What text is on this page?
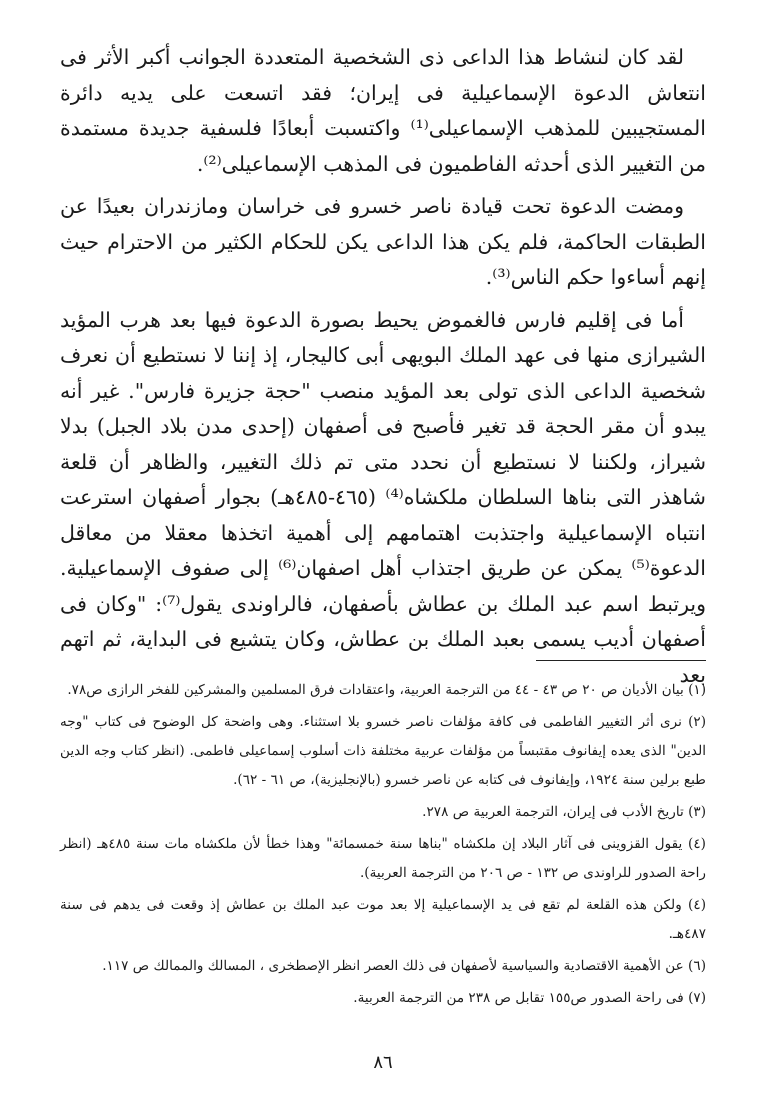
لقد كان لنشاط هذا الداعى ذى الشخصية المتعددة الجوانب أكبر الأثر فى انتعاش الدعوة الإسماعيلية فى إيران؛ فقد اتسعت على يديه دائرة المستجيبين للمذهب الإسماعيلى⁽¹⁾ واكتسبت أبعادًا فلسفية جديدة مستمدة من التغيير الذى أحدثه الفاطميون فى المذهب الإسماعيلى⁽²⁾.

ومضت الدعوة تحت قيادة ناصر خسرو فى خراسان ومازندران بعيدًا عن الطبقات الحاكمة، فلم يكن هذا الداعى يكن للحكام الكثير من الاحترام حيث إنهم أساءوا حكم الناس⁽³⁾.

أما فى إقليم فارس فالغموض يحيط بصورة الدعوة فيها بعد هرب المؤيد الشيرازى منها فى عهد الملك البويهى أبى كاليجار، إذ إننا لا نستطيع أن نعرف شخصية الداعى الذى تولى بعد المؤيد منصب "حجة جزيرة فارس". غير أنه يبدو أن مقر الحجة قد تغير فأصبح فى أصفهان (إحدى مدن بلاد الجبل) بدلا شيراز، ولكننا لا نستطيع أن نحدد متى تم ذلك التغيير، والظاهر أن قلعة شاهذر التى بناها السلطان ملكشاه⁽⁴⁾ (٤٦٥-٤٨٥هـ) بجوار أصفهان استرعت انتباه الإسماعيلية واجتذبت اهتمامهم إلى أهمية اتخذها معقلا من معاقل الدعوة⁽⁵⁾ يمكن عن طريق اجتذاب أهل اصفهان⁽⁶⁾ إلى صفوف الإسماعيلية. ويرتبط اسم عبد الملك بن عطاش بأصفهان، فالراوندى يقول⁽⁷⁾: "وكان فى أصفهان أديب يسمى بعبد الملك بن عطاش، وكان يتشيع فى البداية، ثم اتهم بعد

(١) بيان الأديان ص ٢٠ ص ٤٣ - ٤٤ من الترجمة العربية، واعتقادات فرق المسلمين والمشركين للفخر الرازى ص٧٨.

(٢) نرى أثر التغيير الفاطمى فى كافة مؤلفات ناصر خسرو بلا استثناء. وهى واضحة كل الوضوح فى كتاب "وجه الدين" الذى يعده إيفانوف مقتبساً من مؤلفات عربية مختلفة ذات أسلوب إسماعيلى فاطمى. (انظر كتاب وجه الدين طبع برلين سنة ١٩٢٤، وإيفانوف فى كتابه عن ناصر خسرو (بالإنجليزية)، ص ٦١ - ٦٢).

(٣) تاريخ الأدب فى إيران، الترجمة العربية ص ٢٧٨.

(٤) يقول القزوينى فى آثار البلاد إن ملكشاه "بناها سنة خمسمائة" وهذا خطأ لأن ملكشاه مات سنة ٤٨٥هـ (انظر راحة الصدور للراوندى ص ١٣٢ - ص ٢٠٦ من الترجمة العربية).

(٤) ولكن هذه القلعة لم تقع فى يد الإسماعيلية إلا بعد موت عبد الملك بن عطاش إذ وقعت فى يدهم فى سنة ٤٨٧هـ.

(٦) عن الأهمية الاقتصادية والسياسية لأصفهان فى ذلك العصر انظر الإصطخرى ، المسالك والممالك ص ١١٧.

(٧) فى راحة الصدور ص١٥٥ تقابل ص ٢٣٨ من الترجمة العربية.

٨٦
